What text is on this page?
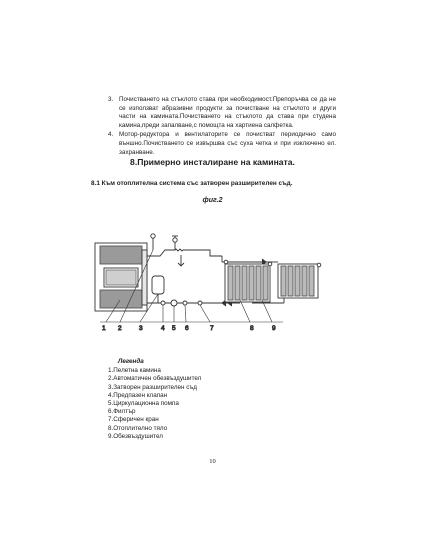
3. Почистването на стъклото става при необходимост.Препоръчва се да не се използват абразивни продукти за почистване на стъклото и други части на камината.Почистването на стъклото да става при студена камина,преди запалване,с помощта на хартиена салфетка.
4. Мотор-редуктора и вентилаторите се почистват периодично само външно.Почистването се извършва със суха четка и при изключено ел. захранване.
8.Примерно инсталиране на камината.
8.1 Към отоплителна система със затворен разширителен съд.
фиг.2
1 2	3	4 5 6	7	8	9
Легенда
1.Пелетна камина
2.Автоматичен обезвъздушител
3.Затворен разширителен съд
4.Предпазен клапан
5.Циркулационна помпа
6.Филтър
7.Сферичен кран
8.Отоплително тяло
9.Обезвъздушител
10
